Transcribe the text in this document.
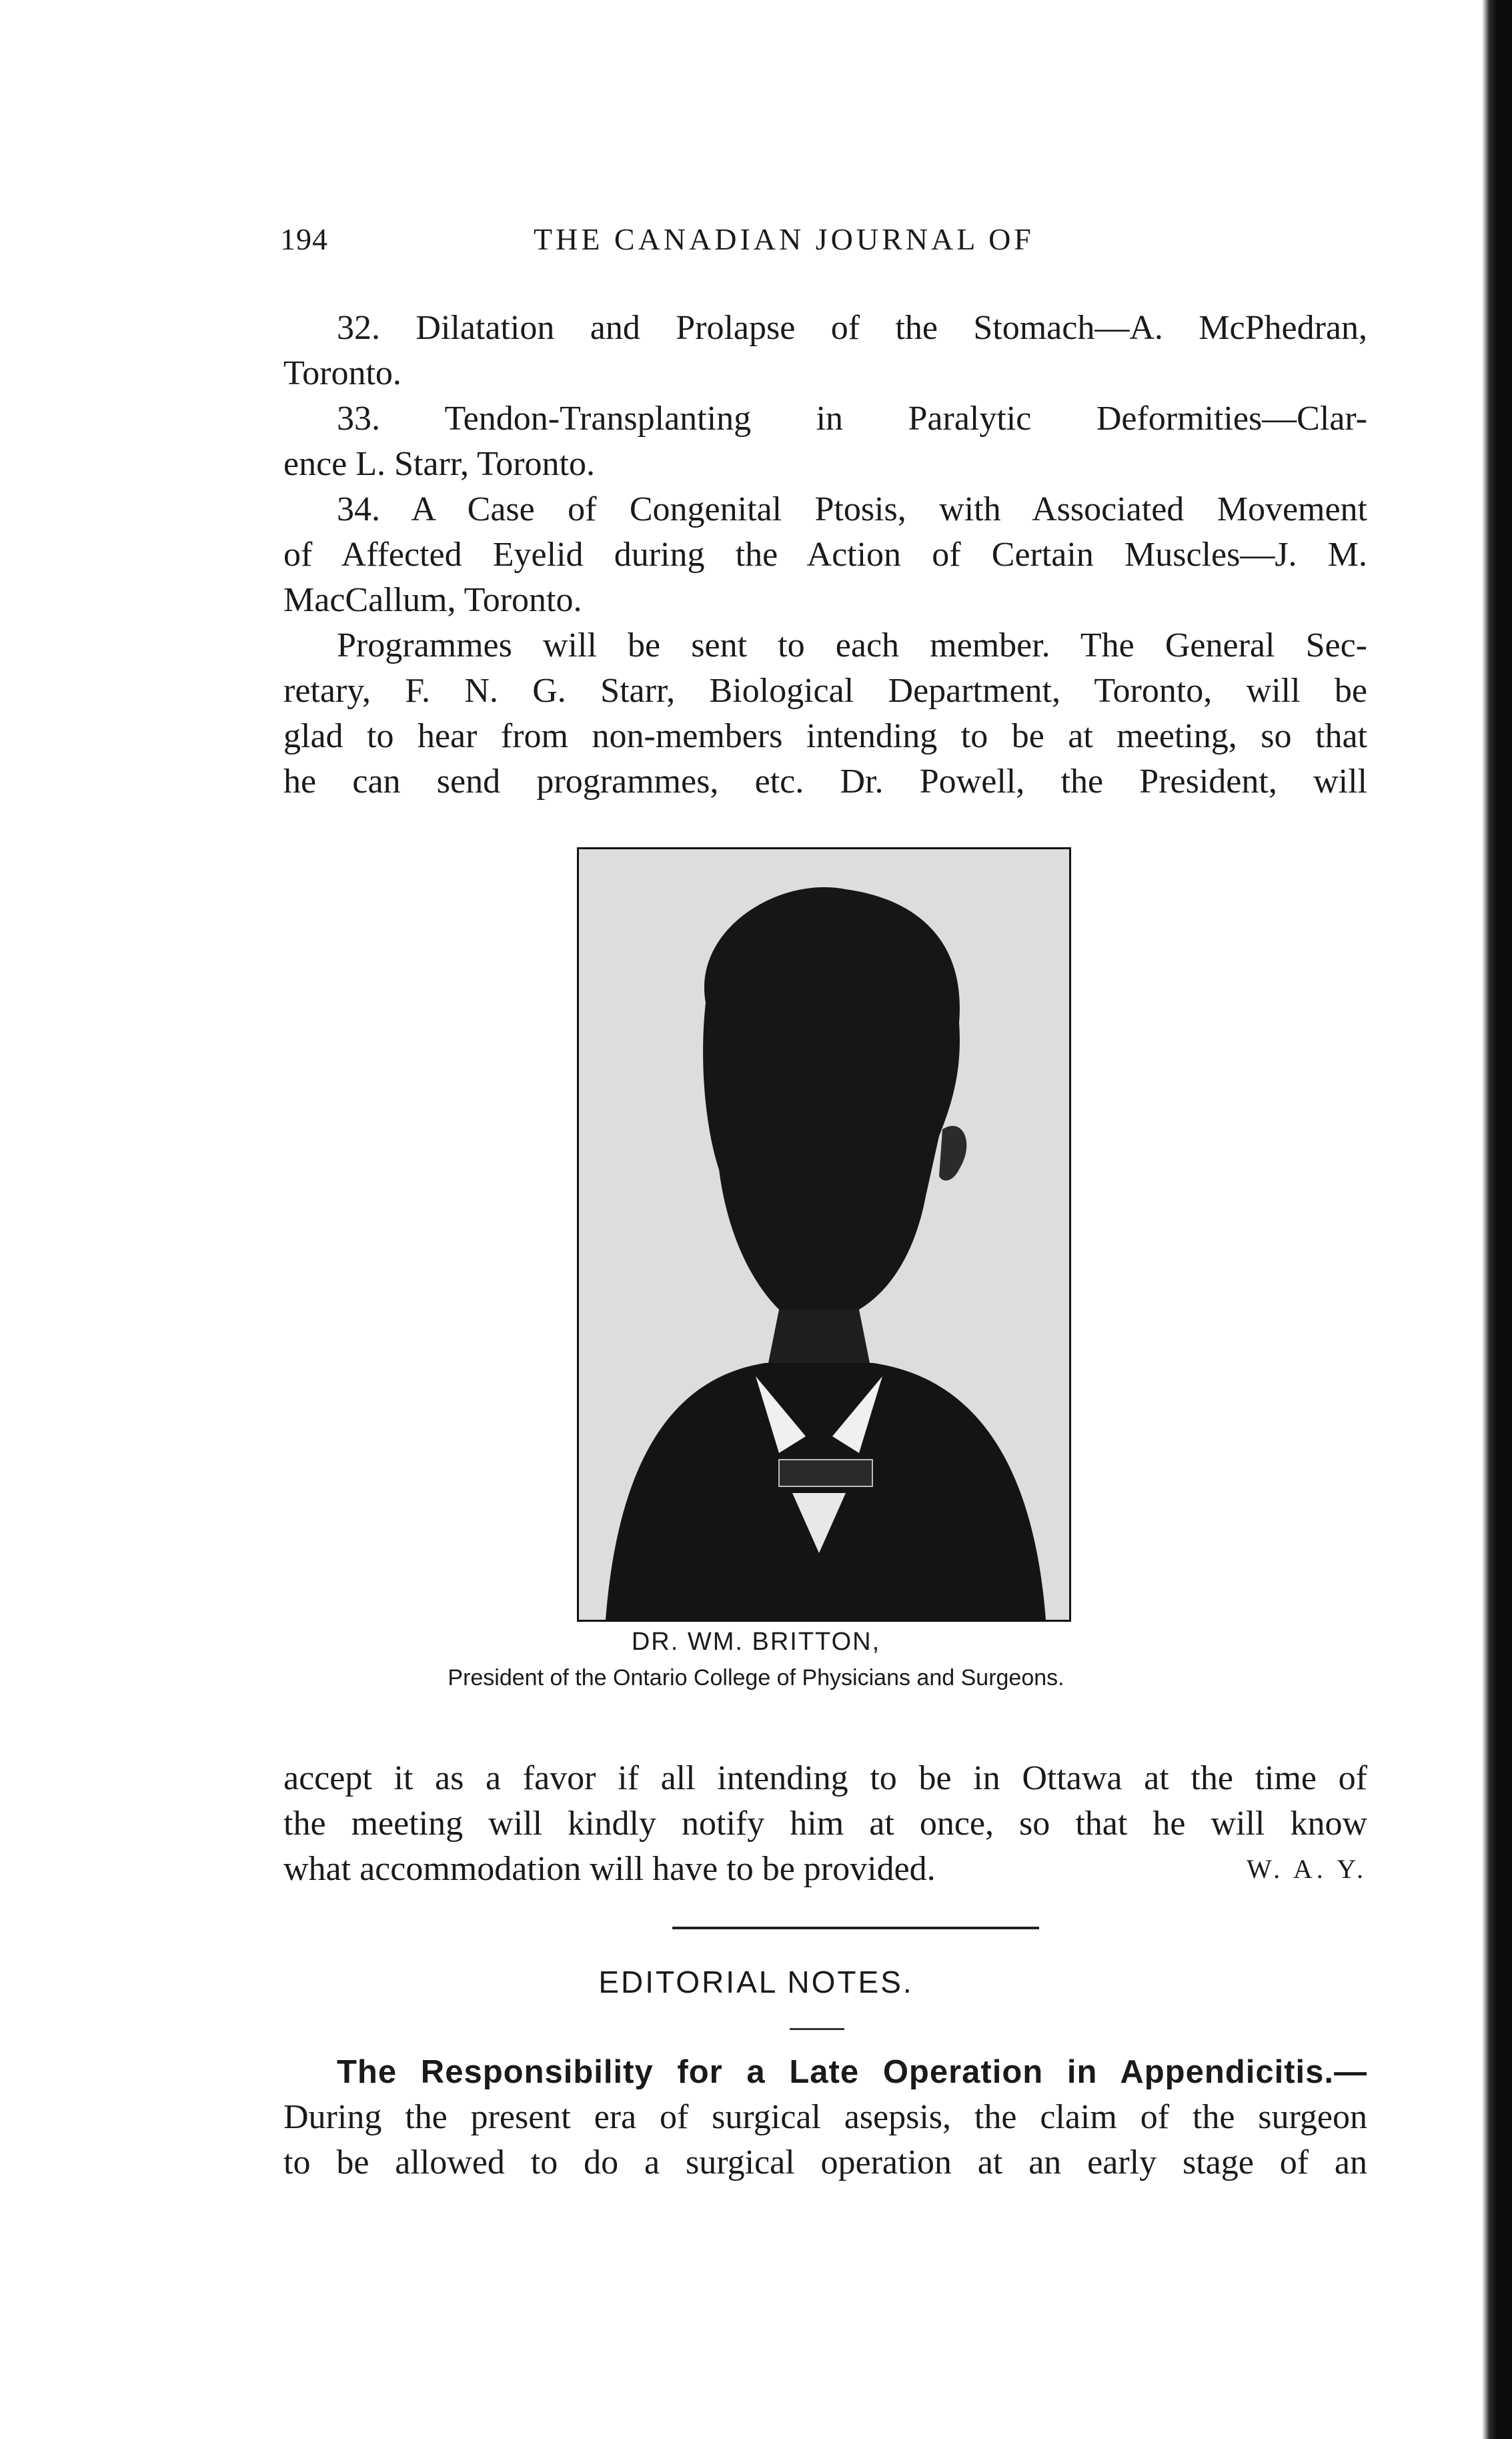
194	THE CANADIAN JOURNAL OF

32. Dilatation and Prolapse of the Stomach—A. McPhedran,

Toronto.

33. Tendon-Transplanting in Paralytic Deformities—Clar-

ence L. Starr, Toronto.

34. A Case of Congenital Ptosis, with Associated Movement

of Affected Eyelid during the Action of Certain Muscles—J. M.

MacCallum, Toronto.

Programmes will be sent to each member. The General Sec-

retary, F. N. G. Starr, Biological Department, Toronto, will be

glad to hear from non-members intending to be at meeting, so that

he can send programmes, etc. Dr. Powell, the President, will

DR. WM. BRITTON,
President of the Ontario College of Physicians and Surgeons.

accept it as a favor if all intending to be in Ottawa at the time of

the meeting will kindly notify him at once, so that he will know

what accommodation will have to be provided.	W. A. Y.

EDITORIAL NOTES.

The Responsibility for a Late Operation in Appendicitis.—

During the present era of surgical asepsis, the claim of the surgeon

to be allowed to do a surgical operation at an early stage of an
